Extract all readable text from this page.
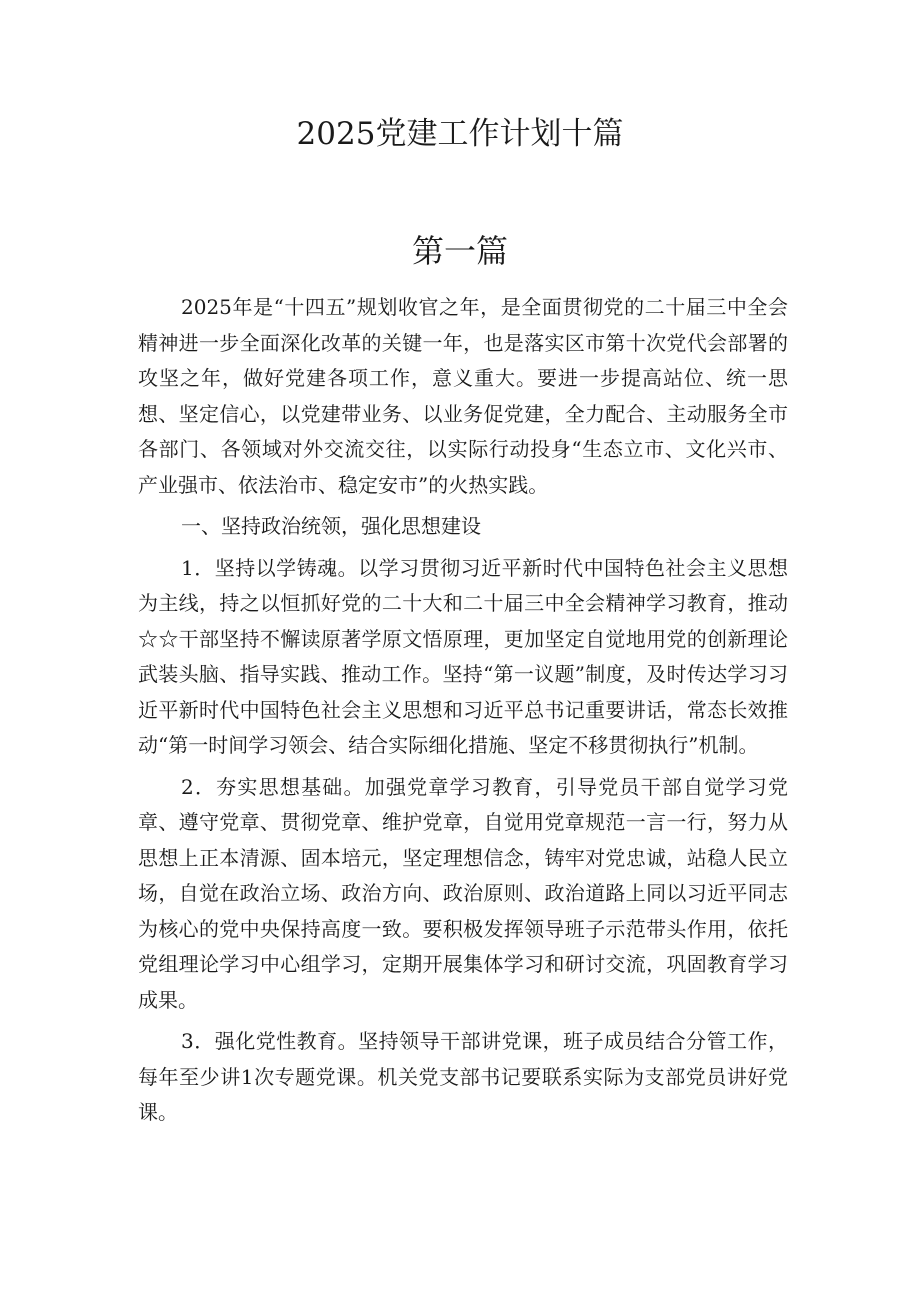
2025党建工作计划十篇
第一篇

2025年是“十四五”规划收官之年，是全面贯彻党的二十届三中全会精神进一步全面深化改革的关键一年，也是落实区市第十次党代会部署的攻坚之年，做好党建各项工作，意义重大。要进一步提高站位、统一思想、坚定信心，以党建带业务、以业务促党建，全力配合、主动服务全市各部门、各领域对外交流交往，以实际行动投身“生态立市、文化兴市、产业强市、依法治市、稳定安市”的火热实践。

一、坚持政治统领，强化思想建设

1．坚持以学铸魂。以学习贯彻习近平新时代中国特色社会主义思想为主线，持之以恒抓好党的二十大和二十届三中全会精神学习教育，推动☆☆干部坚持不懈读原著学原文悟原理，更加坚定自觉地用党的创新理论武装头脑、指导实践、推动工作。坚持“第一议题”制度，及时传达学习习近平新时代中国特色社会主义思想和习近平总书记重要讲话，常态长效推动“第一时间学习领会、结合实际细化措施、坚定不移贯彻执行”机制。

2．夯实思想基础。加强党章学习教育，引导党员干部自觉学习党章、遵守党章、贯彻党章、维护党章，自觉用党章规范一言一行，努力从思想上正本清源、固本培元，坚定理想信念，铸牢对党忠诚，站稳人民立场，自觉在政治立场、政治方向、政治原则、政治道路上同以习近平同志为核心的党中央保持高度一致。要积极发挥领导班子示范带头作用，依托党组理论学习中心组学习，定期开展集体学习和研讨交流，巩固教育学习成果。

3．强化党性教育。坚持领导干部讲党课，班子成员结合分管工作，每年至少讲1次专题党课。机关党支部书记要联系实际为支部党员讲好党课。
